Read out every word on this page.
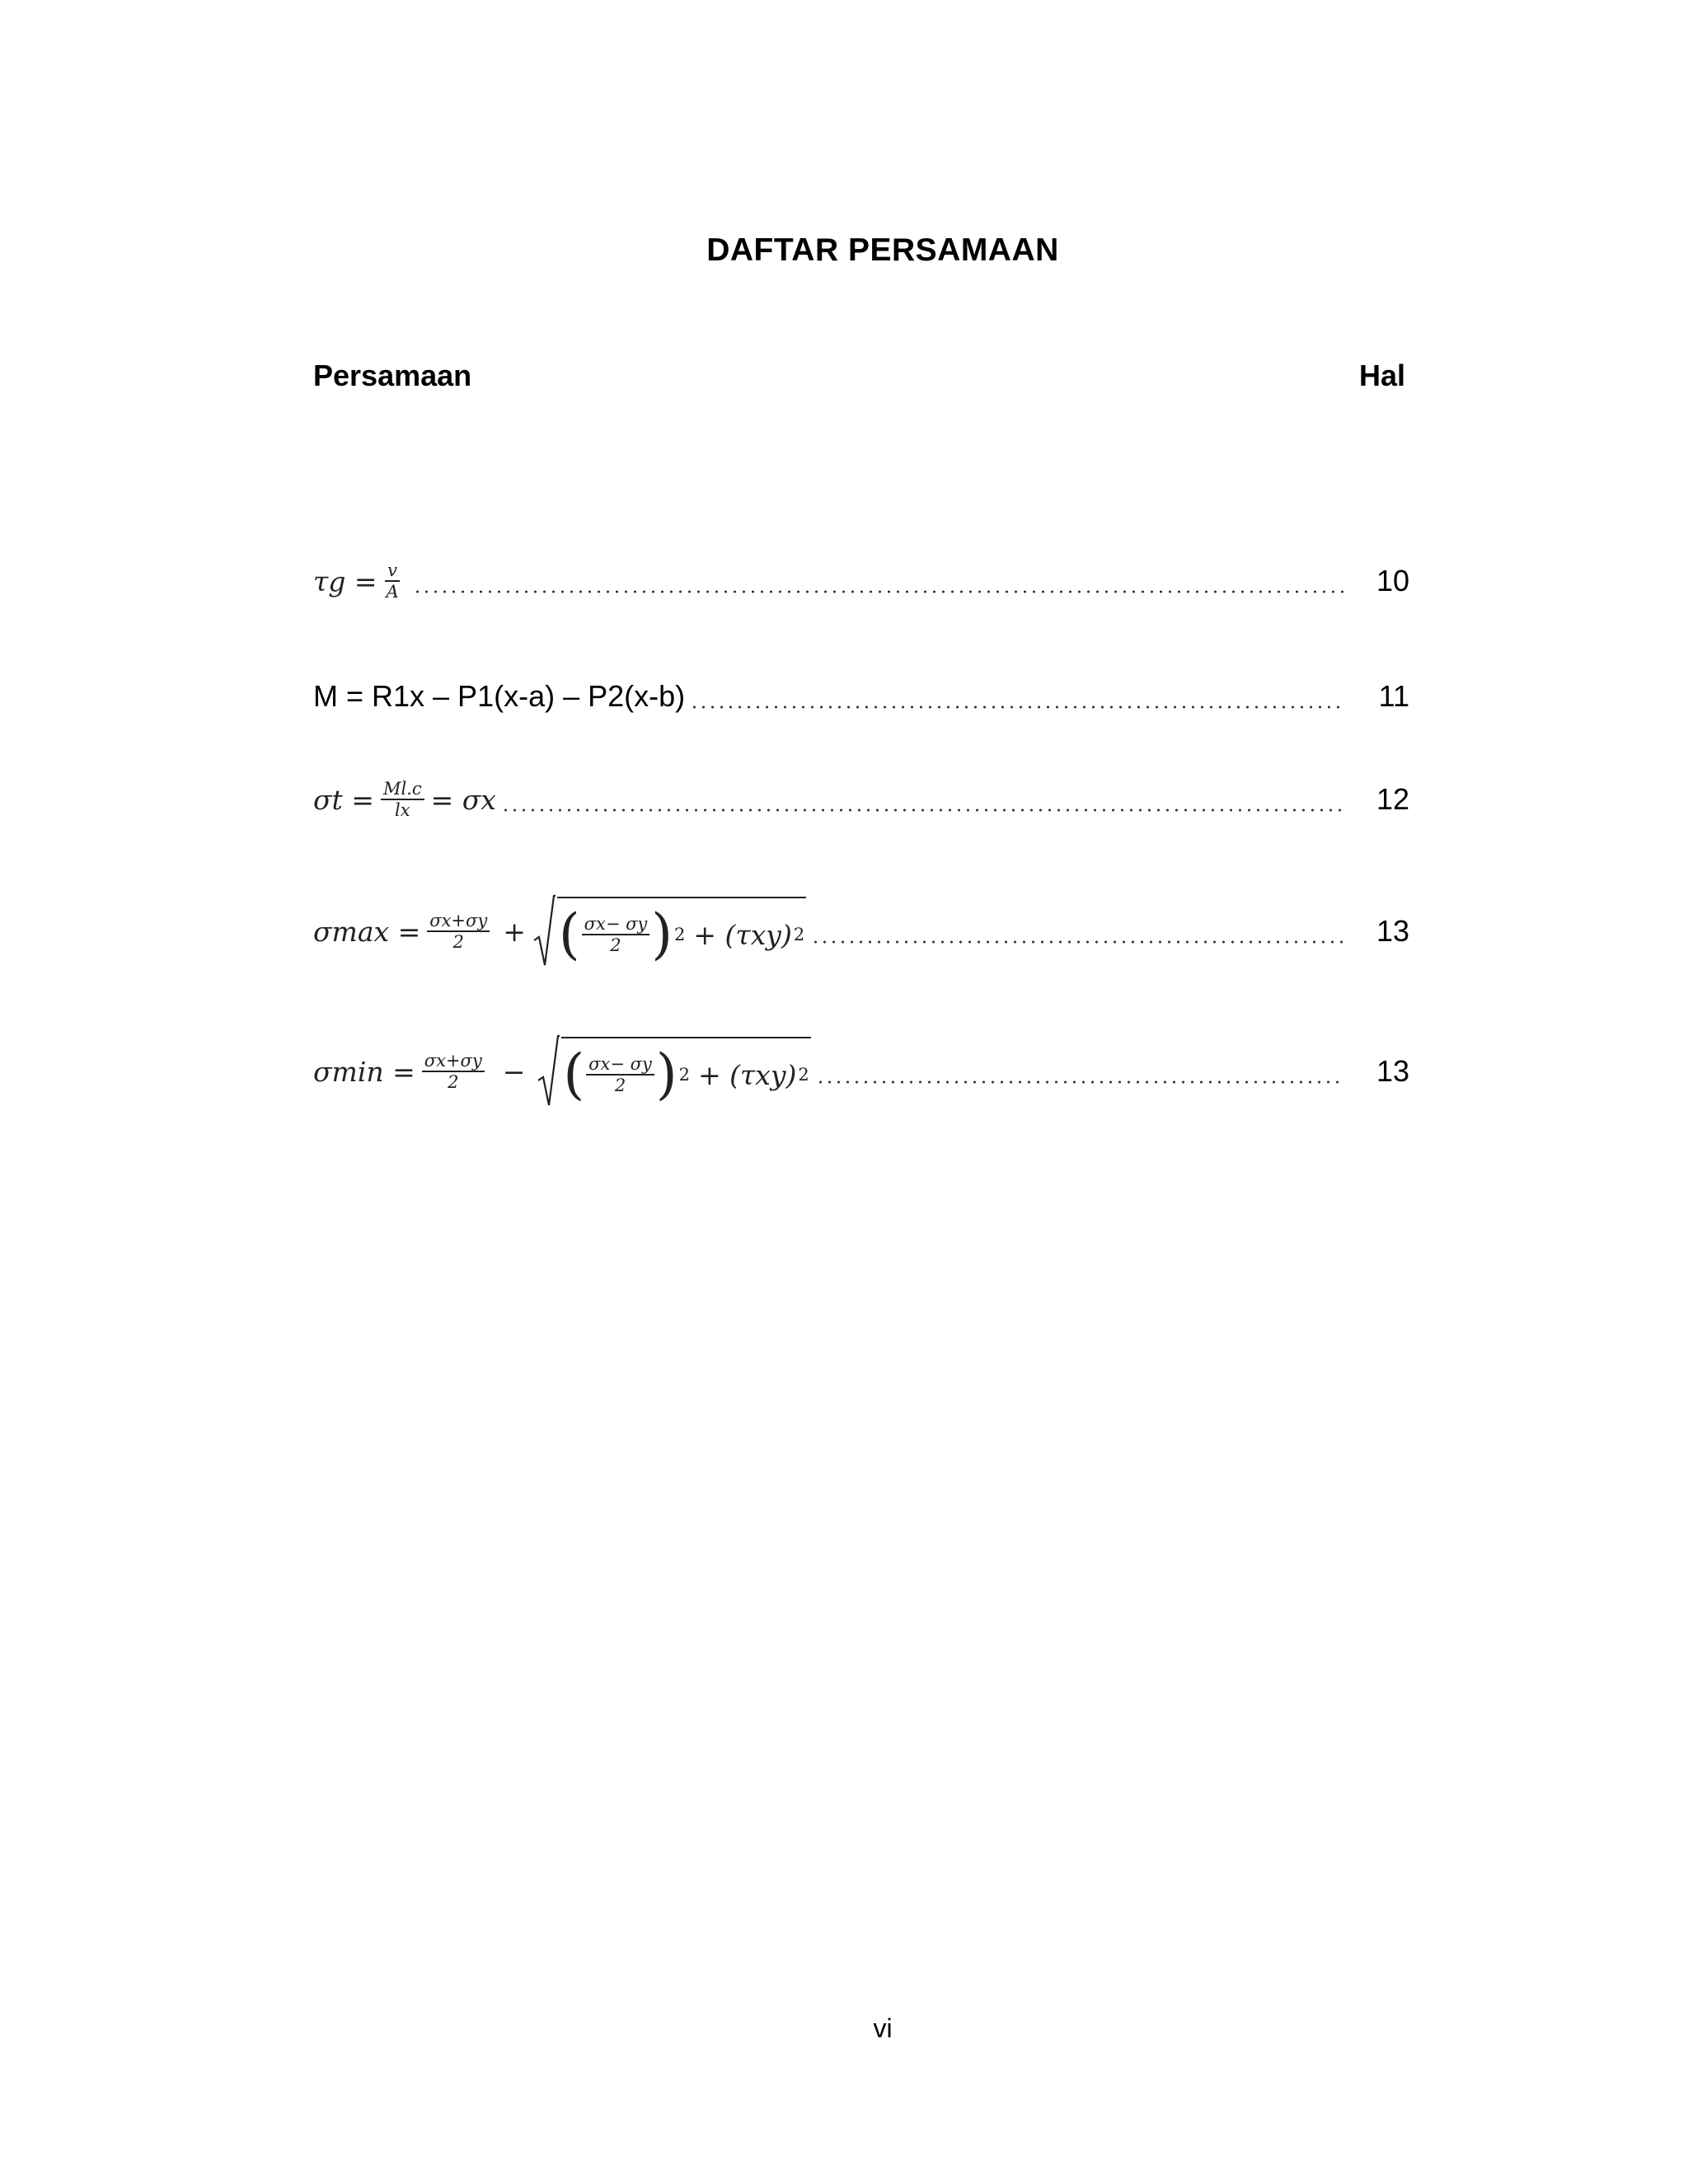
DAFTAR PERSAMAAN
Persamaan	Hal
$\tau g = \frac{v}{A}$	10
M = R1x – P1(x-a) – P2(x-b)	11
$\sigma t = \frac{Ml.c}{lx} = \sigma x$	12
$\sigma\max = \frac{\sigma x+\sigma y}{2}$ + ( $\frac{\sigma x- \sigma y}{2}$ ) 2 + (τxy) 2	13
$\sigma\min = \frac{\sigma x+\sigma y}{2}$ − ( $\frac{\sigma x- \sigma y}{2}$ ) 2 + (τxy) 2	13
vi
